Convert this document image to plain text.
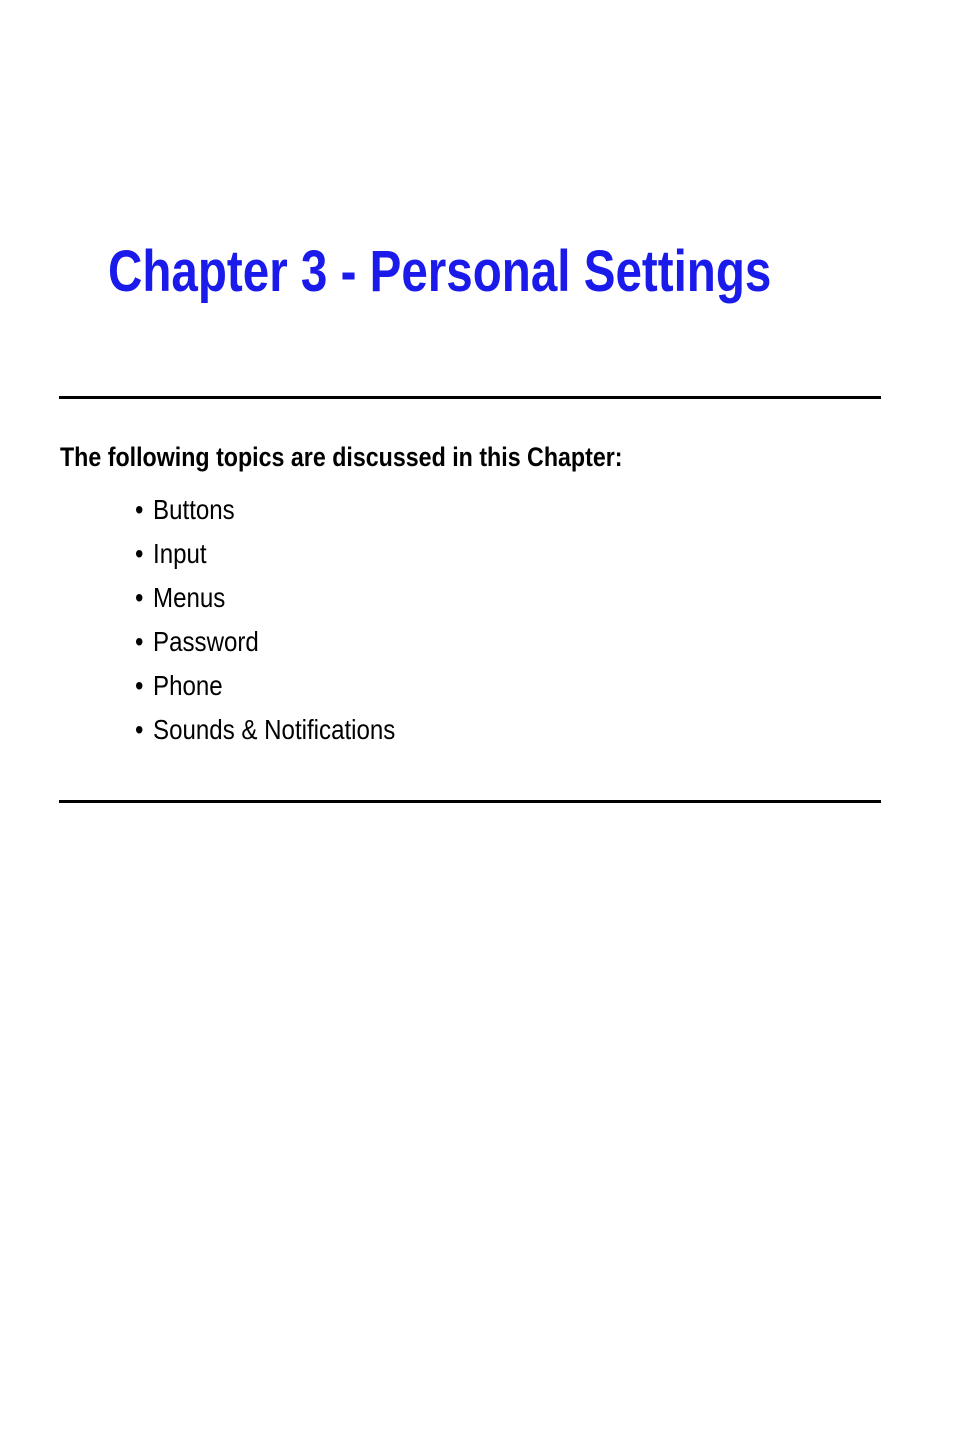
Chapter 3 - Personal Settings

The following topics are discussed in this Chapter:

• Buttons
• Input
• Menus
• Password
• Phone
• Sounds & Notifications
